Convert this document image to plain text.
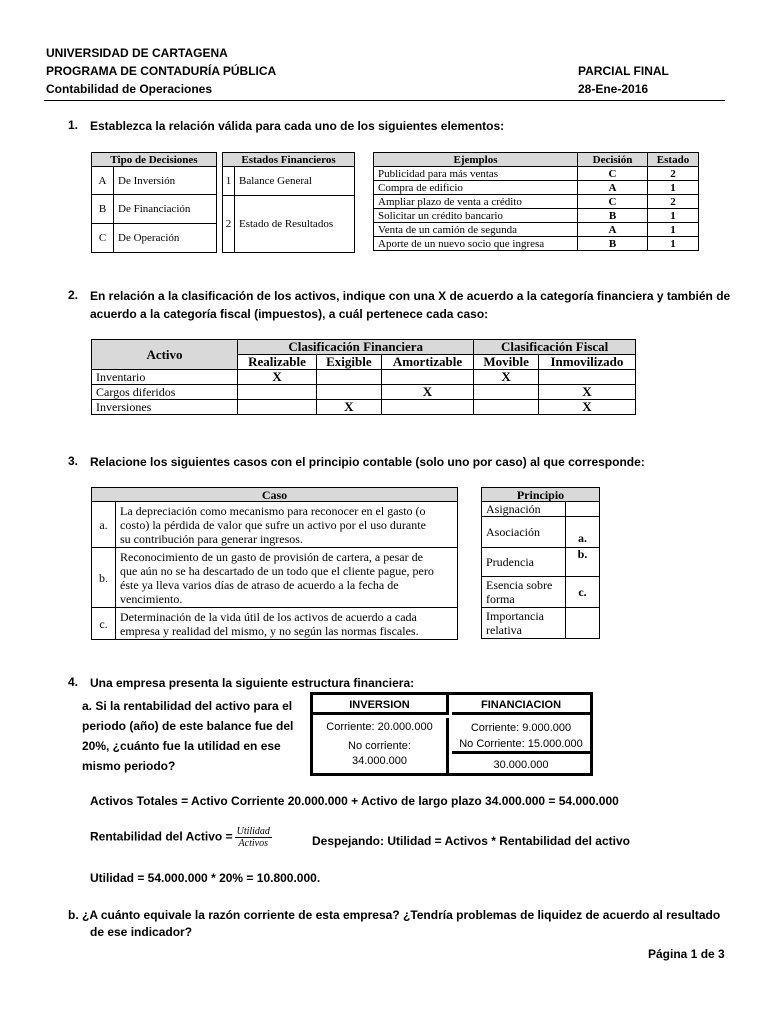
UNIVERSIDAD DE CARTAGENA
PROGRAMA DE CONTADURÍA PÚBLICA
Contabilidad de Operaciones
PARCIAL FINAL
28-Ene-2016
1. Establezca la relación válida para cada uno de los siguientes elementos:
Tipo de Decisiones	
A	De Inversión
B	De Financiación
C	De Operación
Estados Financieros	
1	Balance General
2	Estado de Resultados
Ejemplos	Decisión	Estado
Publicidad para más ventas	C	2
Compra de edificio	A	1
Ampliar plazo de venta a crédito	C	2
Solicitar un crédito bancario	B	1
Venta de un camión de segunda	A	1
Aporte de un nuevo socio que ingresa	B	1
2. En relación a la clasificación de los activos, indique con una X de acuerdo a la categoría financiera y también de
acuerdo a la categoría fiscal (impuestos), a cuál pertenece cada caso:
Activo	Clasificación Financiera			Clasificación Fiscal	
	Realizable	Exigible	Amortizable	Movible	Inmovilizado
Inventario	X			X	
Cargos diferidos			X		X
Inversiones		X			X
3. Relacione los siguientes casos con el principio contable (solo uno por caso) al que corresponde:
Caso	
a.	La depreciación como mecanismo para reconocer en el gasto (o
costo) la pérdida de valor que sufre un activo por el uso durante
su contribución para generar ingresos.

b.	Reconocimiento de un gasto de provisión de cartera, a pesar de
que aún no se ha descartado de un todo que el cliente pague, pero
éste ya lleva varios días de atraso de acuerdo a la fecha de
vencimiento.

c.	Determinación de la vida útil de los activos de acuerdo a cada
empresa y realidad del mismo, y no según las normas fiscales.
Principio	
Asignación	
Asociación	a.
Prudencia	b.

Esencia sobre
forma	c.

Importancia
relativa	

4. Una empresa presenta la siguiente estructura financiera:
a. Si la rentabilidad del activo para el
periodo (año) de este balance fue del
20%, ¿cuánto fue la utilidad en ese
mismo periodo?
INVERSION	FINANCIACION
Corriente: 20.000.000
No corriente:
34.000.000
Corriente: 9.000.000
No Corriente: 15.000.000
30.000.000
Activos Totales = Activo Corriente 20.000.000 + Activo de largo plazo 34.000.000 = 54.000.000
Rentabilidad del Activo = $\frac{\text{Utilidad}}{\text{Activos}}$	Despejando: Utilidad = Activos * Rentabilidad del activo
Utilidad = 54.000.000 * 20% = 10.800.000.
b. ¿A cuánto equivale la razón corriente de esta empresa? ¿Tendría problemas de liquidez de acuerdo al resultado
de ese indicador?
Página 1 de 3
